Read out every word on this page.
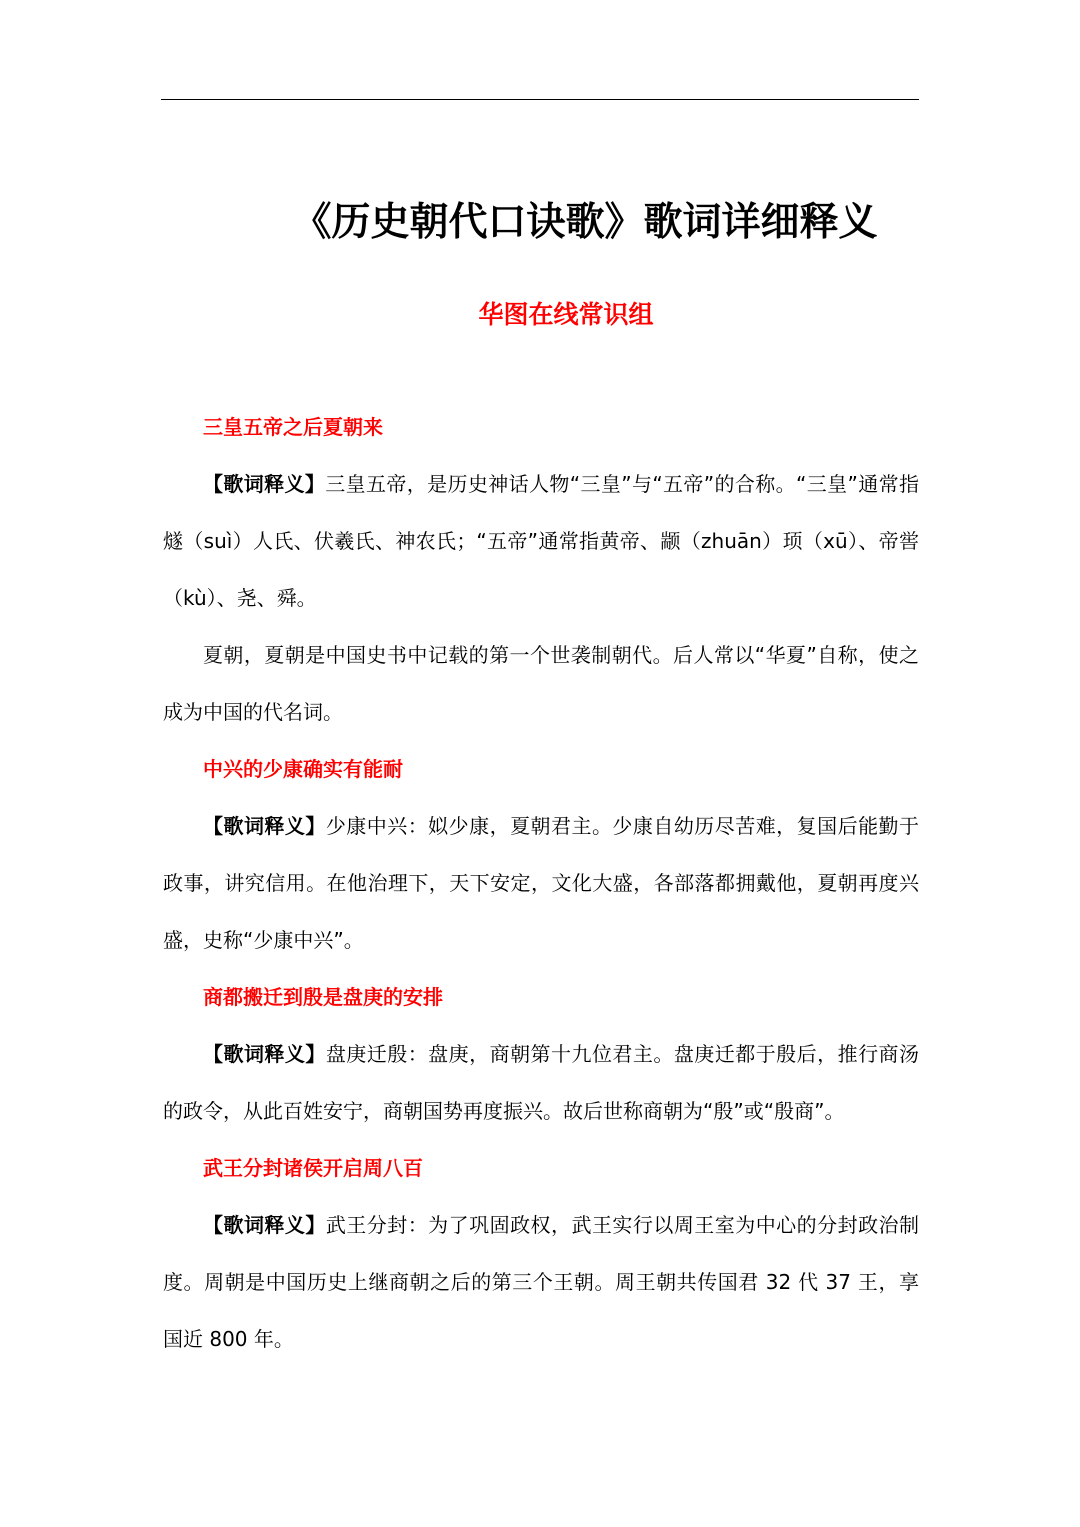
《历史朝代口诀歌》歌词详细释义
华图在线常识组
三皇五帝之后夏朝来

【歌词释义】三皇五帝，是历史神话人物“三皇”与“五帝”的合称。“三皇”通常指燧（suì）人氏、伏羲氏、神农氏；“五帝”通常指黄帝、颛（zhuān）顼（xū）、帝喾（kù）、尧、舜。

夏朝，夏朝是中国史书中记载的第一个世袭制朝代。后人常以“华夏”自称，使之成为中国的代名词。

中兴的少康确实有能耐

【歌词释义】少康中兴：姒少康，夏朝君主。少康自幼历尽苦难，复国后能勤于政事，讲究信用。在他治理下，天下安定，文化大盛，各部落都拥戴他，夏朝再度兴盛，史称“少康中兴”。

商都搬迁到殷是盘庚的安排

【歌词释义】盘庚迁殷：盘庚，商朝第十九位君主。盘庚迁都于殷后，推行商汤的政令，从此百姓安宁，商朝国势再度振兴。故后世称商朝为“殷”或“殷商”。

武王分封诸侯开启周八百

【歌词释义】武王分封：为了巩固政权，武王实行以周王室为中心的分封政治制度。周朝是中国历史上继商朝之后的第三个王朝。周王朝共传国君 32 代 37 王，享国近 800 年。
